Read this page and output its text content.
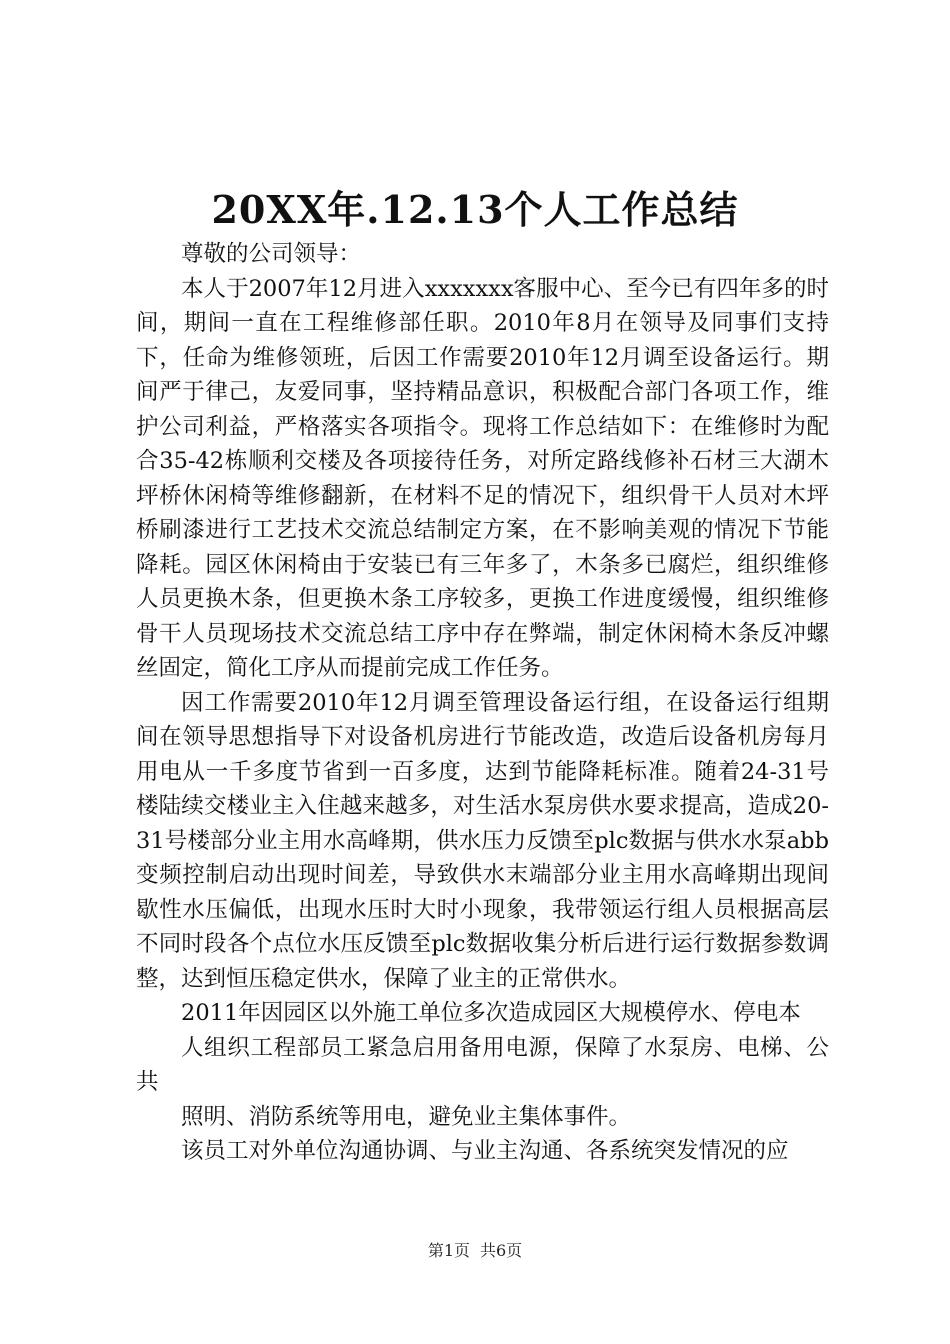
20XX年.12.13个人工作总结

尊敬的公司领导：

本人于2007年12月进入xxxxxxx客服中心、至今已有四年多的时间，期间一直在工程维修部任职。2010年8月在领导及同事们支持下，任命为维修领班，后因工作需要2010年12月调至设备运行。期间严于律己，友爱同事，坚持精品意识，积极配合部门各项工作，维护公司利益，严格落实各项指令。现将工作总结如下：在维修时为配合35-42栋顺利交楼及各项接待任务，对所定路线修补石材三大湖木坪桥休闲椅等维修翻新，在材料不足的情况下，组织骨干人员对木坪桥刷漆进行工艺技术交流总结制定方案，在不影响美观的情况下节能降耗。园区休闲椅由于安装已有三年多了，木条多已腐烂，组织维修人员更换木条，但更换木条工序较多，更换工作进度缓慢，组织维修骨干人员现场技术交流总结工序中存在弊端，制定休闲椅木条反冲螺丝固定，简化工序从而提前完成工作任务。

因工作需要2010年12月调至管理设备运行组，在设备运行组期间在领导思想指导下对设备机房进行节能改造，改造后设备机房每月用电从一千多度节省到一百多度，达到节能降耗标准。随着24-31号楼陆续交楼业主入住越来越多，对生活水泵房供水要求提高，造成20-31号楼部分业主用水高峰期，供水压力反馈至plc数据与供水水泵abb变频控制启动出现时间差，导致供水末端部分业主用水高峰期出现间歇性水压偏低，出现水压时大时小现象，我带领运行组人员根据高层不同时段各个点位水压反馈至plc数据收集分析后进行运行数据参数调整，达到恒压稳定供水，保障了业主的正常供水。

2011年因园区以外施工单位多次造成园区大规模停水、停电本

人组织工程部员工紧急启用备用电源，保障了水泵房、电梯、公共

照明、消防系统等用电，避免业主集体事件。

该员工对外单位沟通协调、与业主沟通、各系统突发情况的应

第1页 共6页
